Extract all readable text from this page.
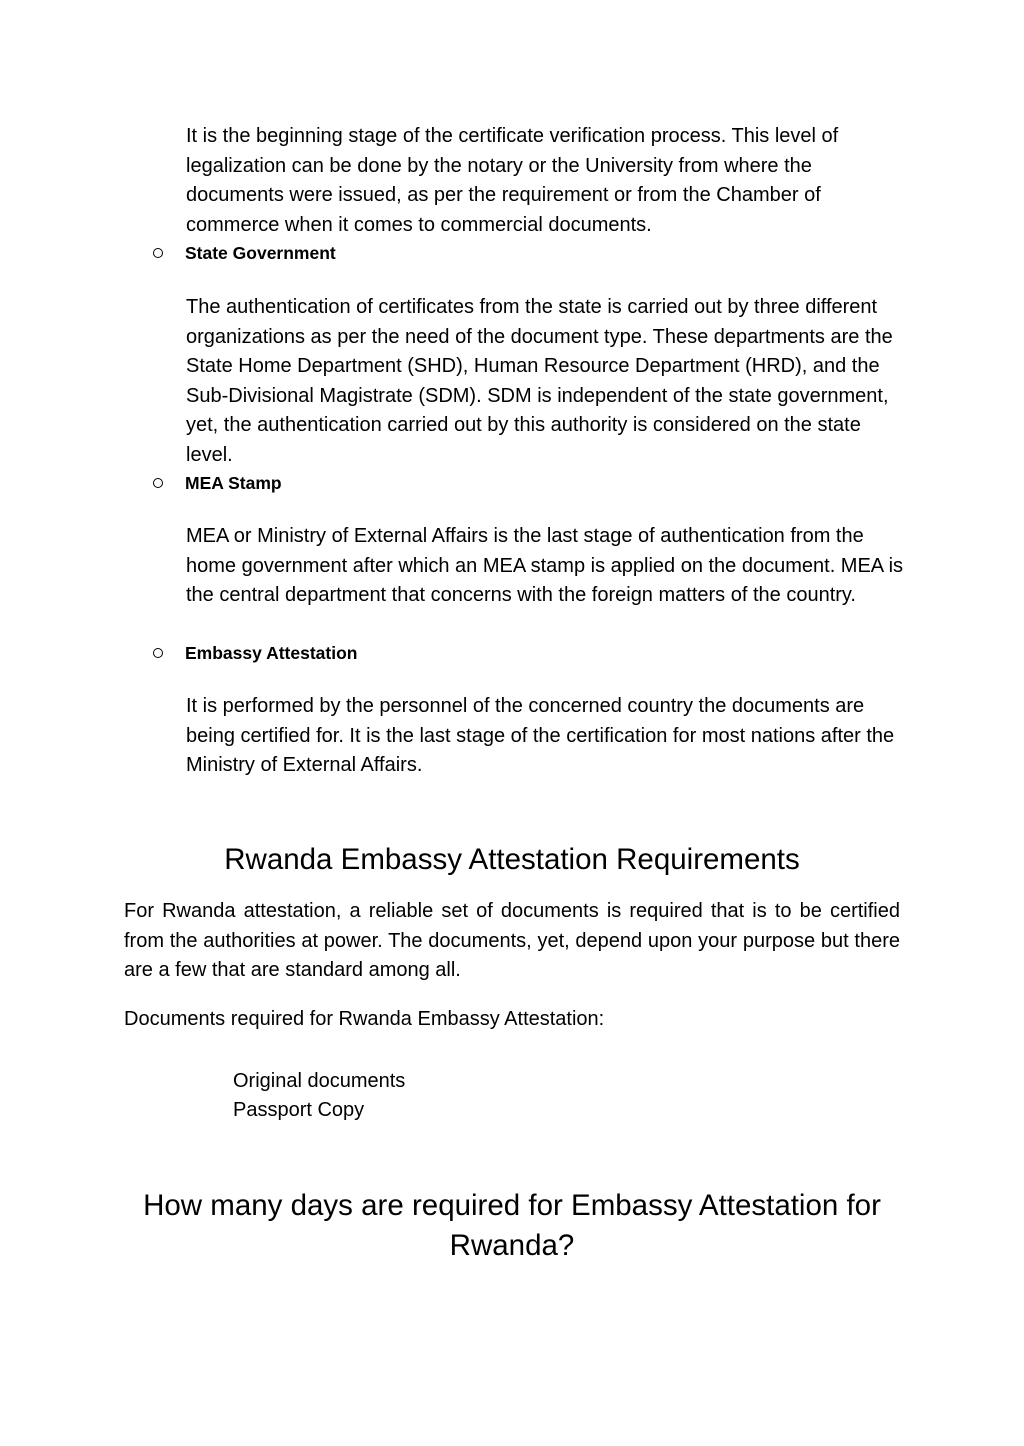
It is the beginning stage of the certificate verification process. This level of legalization can be done by the notary or the University from where the documents were issued, as per the requirement or from the Chamber of commerce when it comes to commercial documents.
State Government
The authentication of certificates from the state is carried out by three different organizations as per the need of the document type. These departments are the State Home Department (SHD), Human Resource Department (HRD), and the Sub-Divisional Magistrate (SDM). SDM is independent of the state government, yet, the authentication carried out by this authority is considered on the state level.
MEA Stamp
MEA or Ministry of External Affairs is the last stage of authentication from the home government after which an MEA stamp is applied on the document. MEA is the central department that concerns with the foreign matters of the country.
Embassy Attestation
It is performed by the personnel of the concerned country the documents are being certified for. It is the last stage of the certification for most nations after the Ministry of External Affairs.
Rwanda Embassy Attestation Requirements
For Rwanda attestation, a reliable set of documents is required that is to be certified from the authorities at power. The documents, yet, depend upon your purpose but there are a few that are standard among all.
Documents required for Rwanda Embassy Attestation:
Original documents
Passport Copy
How many days are required for Embassy Attestation for Rwanda?
